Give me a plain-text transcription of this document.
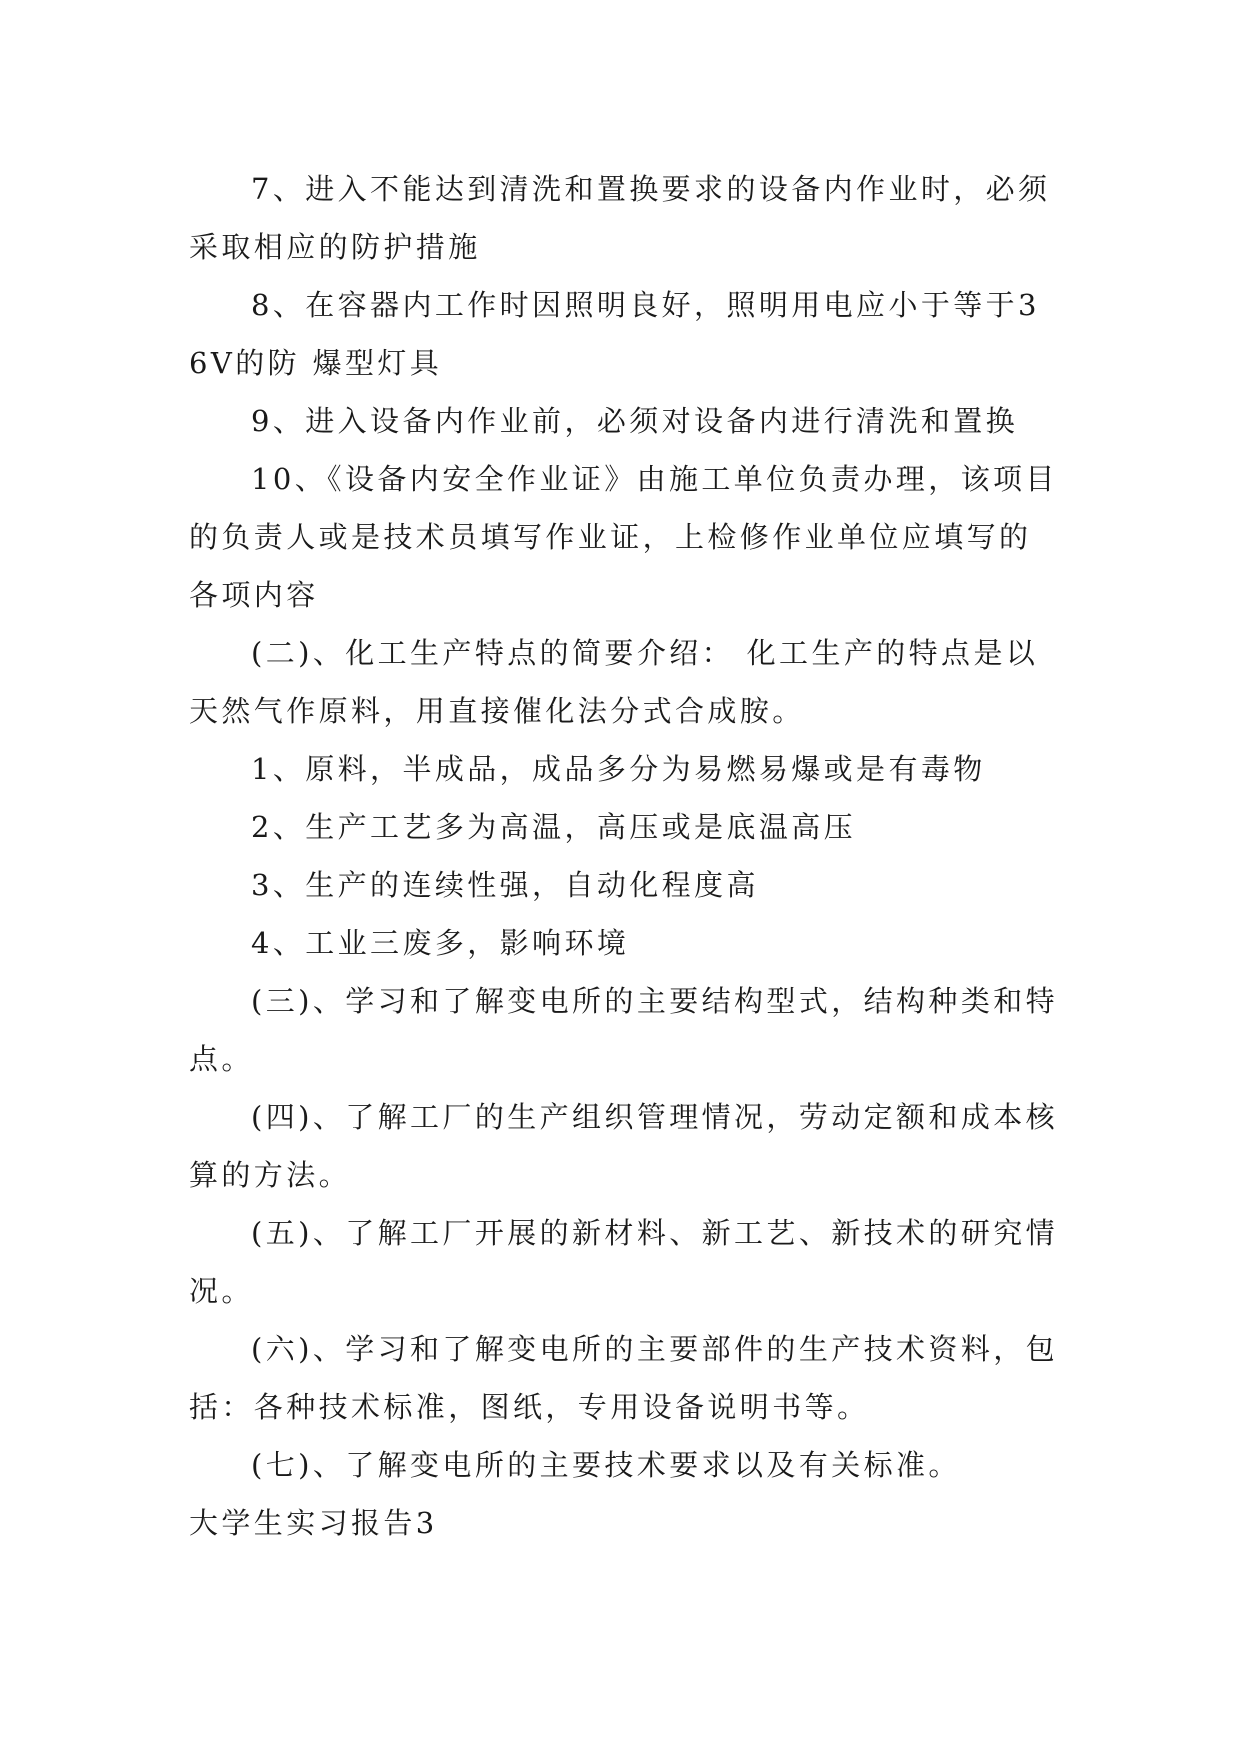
7、进入不能达到清洗和置换要求的设备内作业时，必须采取相应的防护措施

8、在容器内工作时因照明良好，照明用电应小于等于36V的防 爆型灯具

9、进入设备内作业前，必须对设备内进行清洗和置换

10、《设备内安全作业证》由施工单位负责办理，该项目的负责人或是技术员填写作业证，上检修作业单位应填写的各项内容

(二)、化工生产特点的简要介绍： 化工生产的特点是以天然气作原料，用直接催化法分式合成胺。

1、原料，半成品，成品多分为易燃易爆或是有毒物

2、生产工艺多为高温，高压或是底温高压

3、生产的连续性强，自动化程度高

4、工业三废多，影响环境

(三)、学习和了解变电所的主要结构型式，结构种类和特点。

(四)、了解工厂的生产组织管理情况，劳动定额和成本核 算的方法。

(五)、了解工厂开展的新材料、新工艺、新技术的研究情况。

(六)、学习和了解变电所的主要部件的生产技术资料，包 括：各种技术标准，图纸，专用设备说明书等。

(七)、了解变电所的主要技术要求以及有关标准。

大学生实习报告3
